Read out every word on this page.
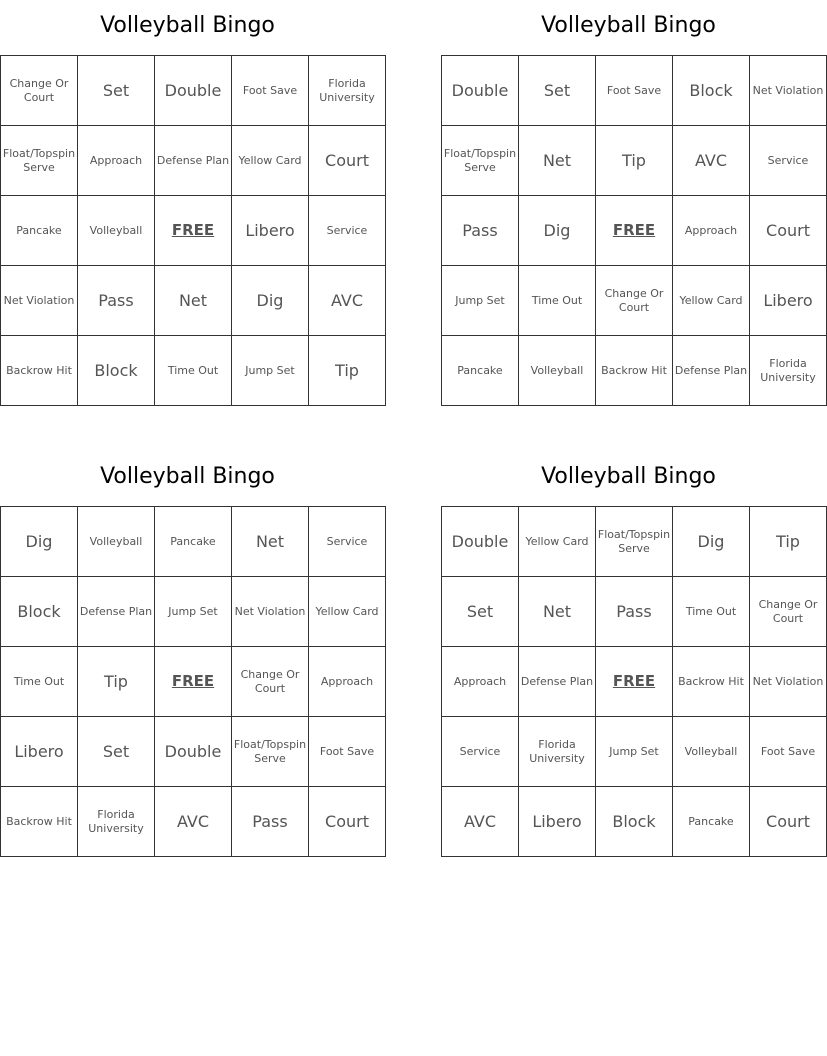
Volleyball Bingo
Change Or Court	Set	Double	Foot Save	Florida University
Float/Topspin Serve	Approach	Defense Plan	Yellow Card	Court
Pancake	Volleyball	FREE	Libero	Service
Net Violation	Pass	Net	Dig	AVC
Backrow Hit	Block	Time Out	Jump Set	Tip
Volleyball Bingo
Double	Set	Foot Save	Block	Net Violation
Float/Topspin Serve	Net	Tip	AVC	Service
Pass	Dig	FREE	Approach	Court
Jump Set	Time Out	Change Or Court	Yellow Card	Libero
Pancake	Volleyball	Backrow Hit	Defense Plan	Florida University
Volleyball Bingo
Dig	Volleyball	Pancake	Net	Service
Block	Defense Plan	Jump Set	Net Violation	Yellow Card
Time Out	Tip	FREE	Change Or Court	Approach
Libero	Set	Double	Float/Topspin Serve	Foot Save
Backrow Hit	Florida University	AVC	Pass	Court
Volleyball Bingo
Double	Yellow Card	Float/Topspin Serve	Dig	Tip
Set	Net	Pass	Time Out	Change Or Court
Approach	Defense Plan	FREE	Backrow Hit	Net Violation
Service	Florida University	Jump Set	Volleyball	Foot Save
AVC	Libero	Block	Pancake	Court
